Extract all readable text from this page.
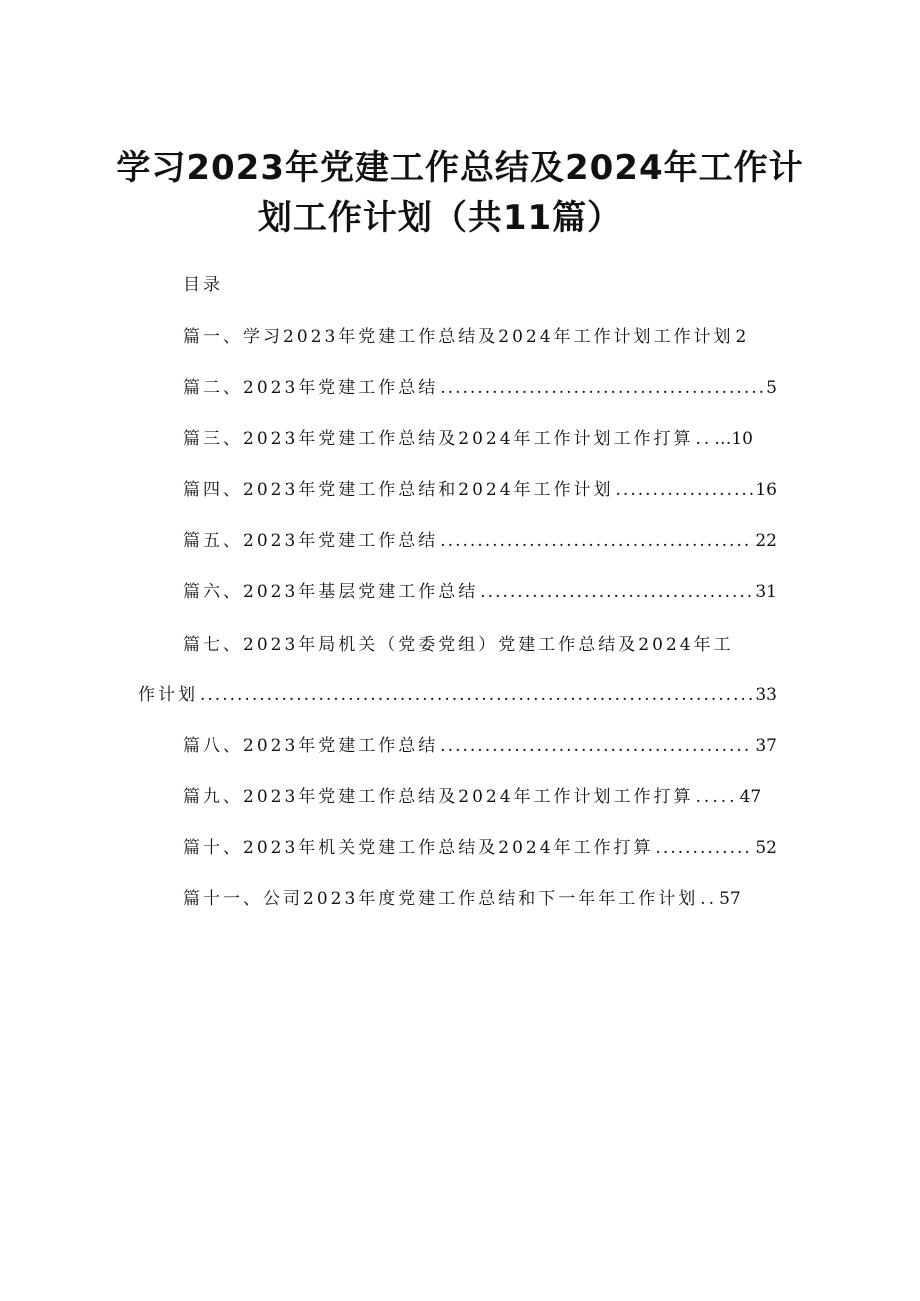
学习2023年党建工作总结及2024年工作计
划工作计划（共11篇）
目录
篇一、学习2023年党建工作总结及2024年工作计划工作计划 2
篇二、2023年党建工作总结 .....	5
篇三、2023年党建工作总结及2024年工作计划工作打算 .. …10
篇四、2023年党建工作总结和2024年工作计划 .....	16
篇五、2023年党建工作总结 .....	22
篇六、2023年基层党建工作总结 .....	31
篇七、2023年局机关（党委党组）党建工作总结及2024年工
作计划 .....	33
篇八、2023年党建工作总结 .....	37
篇九、2023年党建工作总结及2024年工作计划工作打算 ..... 47
篇十、2023年机关党建工作总结及2024年工作打算 .....	52
篇十一、公司2023年度党建工作总结和下一年年工作计划 .. 57
